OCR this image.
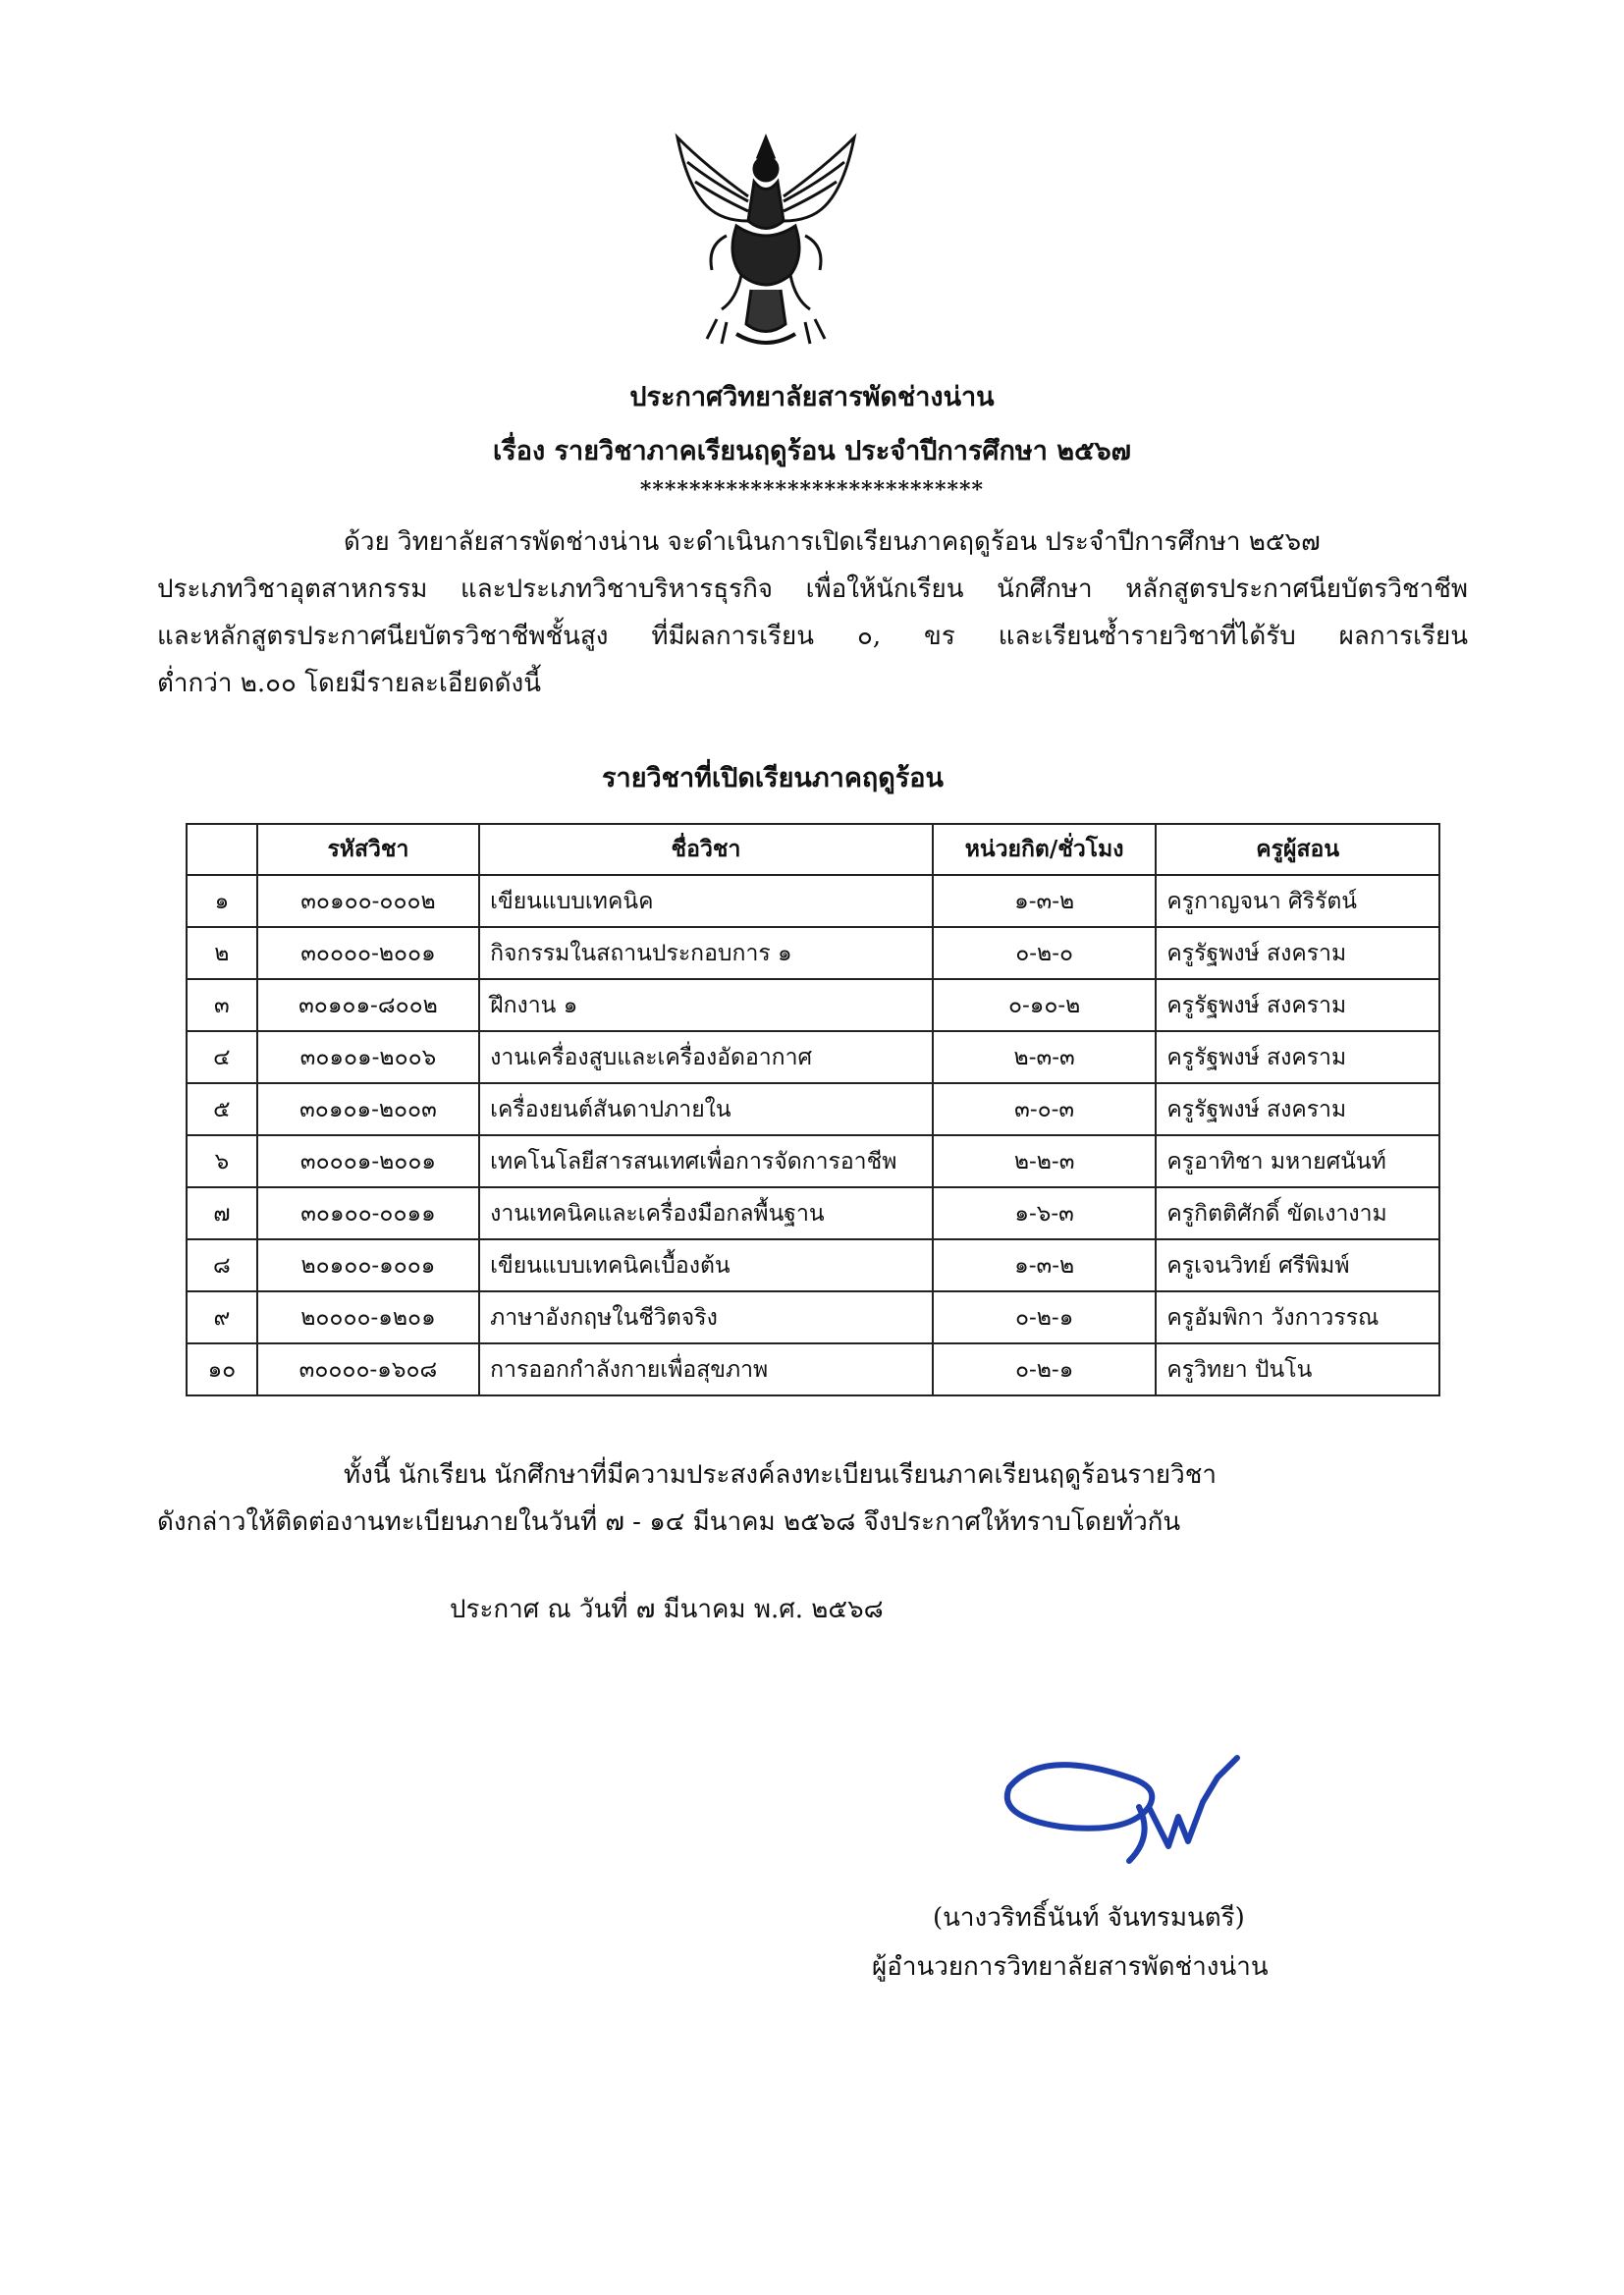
ประกาศวิทยาลัยสารพัดช่างน่าน
เรื่อง รายวิชาภาคเรียนฤดูร้อน ประจำปีการศึกษา ๒๕๖๗
****************************
ด้วย วิทยาลัยสารพัดช่างน่าน จะดำเนินการเปิดเรียนภาคฤดูร้อน ประจำปีการศึกษา ๒๕๖๗
ประเภทวิชาอุตสาหกรรม และประเภทวิชาบริหารธุรกิจ เพื่อให้นักเรียน นักศึกษา หลักสูตรประกาศนียบัตรวิชาชีพ
และหลักสูตรประกาศนียบัตรวิชาชีพชั้นสูง ที่มีผลการเรียน ๐, ขร และเรียนซ้ำรายวิชาที่ได้รับ ผลการเรียน
ต่ำกว่า ๒.๐๐ โดยมีรายละเอียดดังนี้
รายวิชาที่เปิดเรียนภาคฤดูร้อน
	รหัสวิชา	ชื่อวิชา	หน่วยกิต/ชั่วโมง	ครูผู้สอน
๑	๓๐๑๐๐-๐๐๐๒	เขียนแบบเทคนิค	๑-๓-๒	ครูกาญจนา ศิริรัตน์
๒	๓๐๐๐๐-๒๐๐๑	กิจกรรมในสถานประกอบการ ๑	๐-๒-๐	ครูรัฐพงษ์ สงคราม
๓	๓๐๑๐๑-๘๐๐๒	ฝึกงาน ๑	๐-๑๐-๒	ครูรัฐพงษ์ สงคราม
๔	๓๐๑๐๑-๒๐๐๖	งานเครื่องสูบและเครื่องอัดอากาศ	๒-๓-๓	ครูรัฐพงษ์ สงคราม
๕	๓๐๑๐๑-๒๐๐๓	เครื่องยนต์สันดาปภายใน	๓-๐-๓	ครูรัฐพงษ์ สงคราม
๖	๓๐๐๐๑-๒๐๐๑	เทคโนโลยีสารสนเทศเพื่อการจัดการอาชีพ	๒-๒-๓	ครูอาทิชา มหายศนันท์
๗	๓๐๑๐๐-๐๐๑๑	งานเทคนิคและเครื่องมือกลพื้นฐาน	๑-๖-๓	ครูกิตติศักดิ์ ขัดเงางาม
๘	๒๐๑๐๐-๑๐๐๑	เขียนแบบเทคนิคเบื้องต้น	๑-๓-๒	ครูเจนวิทย์ ศรีพิมพ์
๙	๒๐๐๐๐-๑๒๐๑	ภาษาอังกฤษในชีวิตจริง	๐-๒-๑	ครูอัมพิกา วังกาวรรณ
๑๐	๓๐๐๐๐-๑๖๐๘	การออกกำลังกายเพื่อสุขภาพ	๐-๒-๑	ครูวิทยา ปันโน
ทั้งนี้ นักเรียน นักศึกษาที่มีความประสงค์ลงทะเบียนเรียนภาคเรียนฤดูร้อนรายวิชา
ดังกล่าวให้ติดต่องานทะเบียนภายในวันที่ ๗ - ๑๔ มีนาคม ๒๕๖๘ จึงประกาศให้ทราบโดยทั่วกัน
ประกาศ ณ วันที่ ๗ มีนาคม พ.ศ. ๒๕๖๘
(นางวริทธิ์นันท์ จันทรมนตรี)
ผู้อำนวยการวิทยาลัยสารพัดช่างน่าน
